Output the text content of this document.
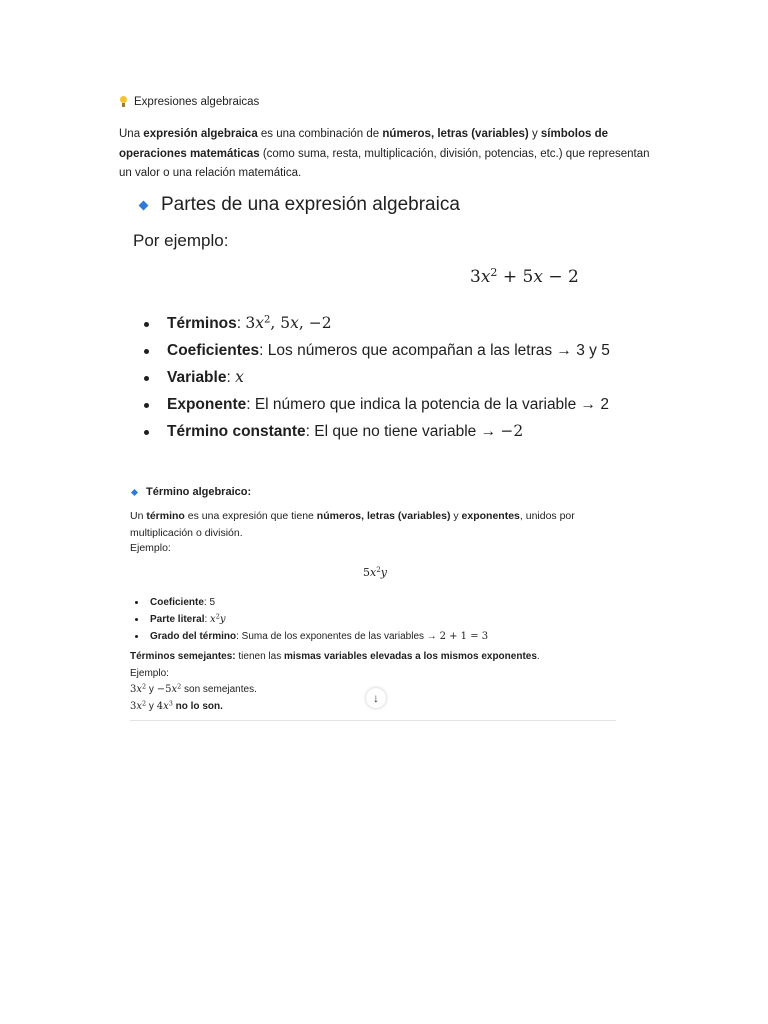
Expresiones algebraicas
Una expresión algebraica es una combinación de números, letras (variables) y símbolos de operaciones matemáticas (como suma, resta, multiplicación, división, potencias, etc.) que representan un valor o una relación matemática.
Partes de una expresión algebraica
Por ejemplo:
$3x^2 + 5x - 2$
Términos: $3x^2$, 5x, −2
Coeficientes: Los números que acompañan a las letras → 3 y 5
Variable: x
Exponente: El número que indica la potencia de la variable → 2
Término constante: El que no tiene variable → −2
Término algebraico:
Un término es una expresión que tiene números, letras (variables) y exponentes, unidos por multiplicación o división.
Ejemplo:
$5x^2y$
Coeficiente: 5
Parte literal: $x^2y$
Grado del término: Suma de los exponentes de las variables → 2 + 1 = 3
Términos semejantes: tienen las mismas variables elevadas a los mismos exponentes.
Ejemplo:
$3x^2$ $y -5x^2$ son semejantes.
$3x^2$ y $4x^3$ no lo son.
↓
